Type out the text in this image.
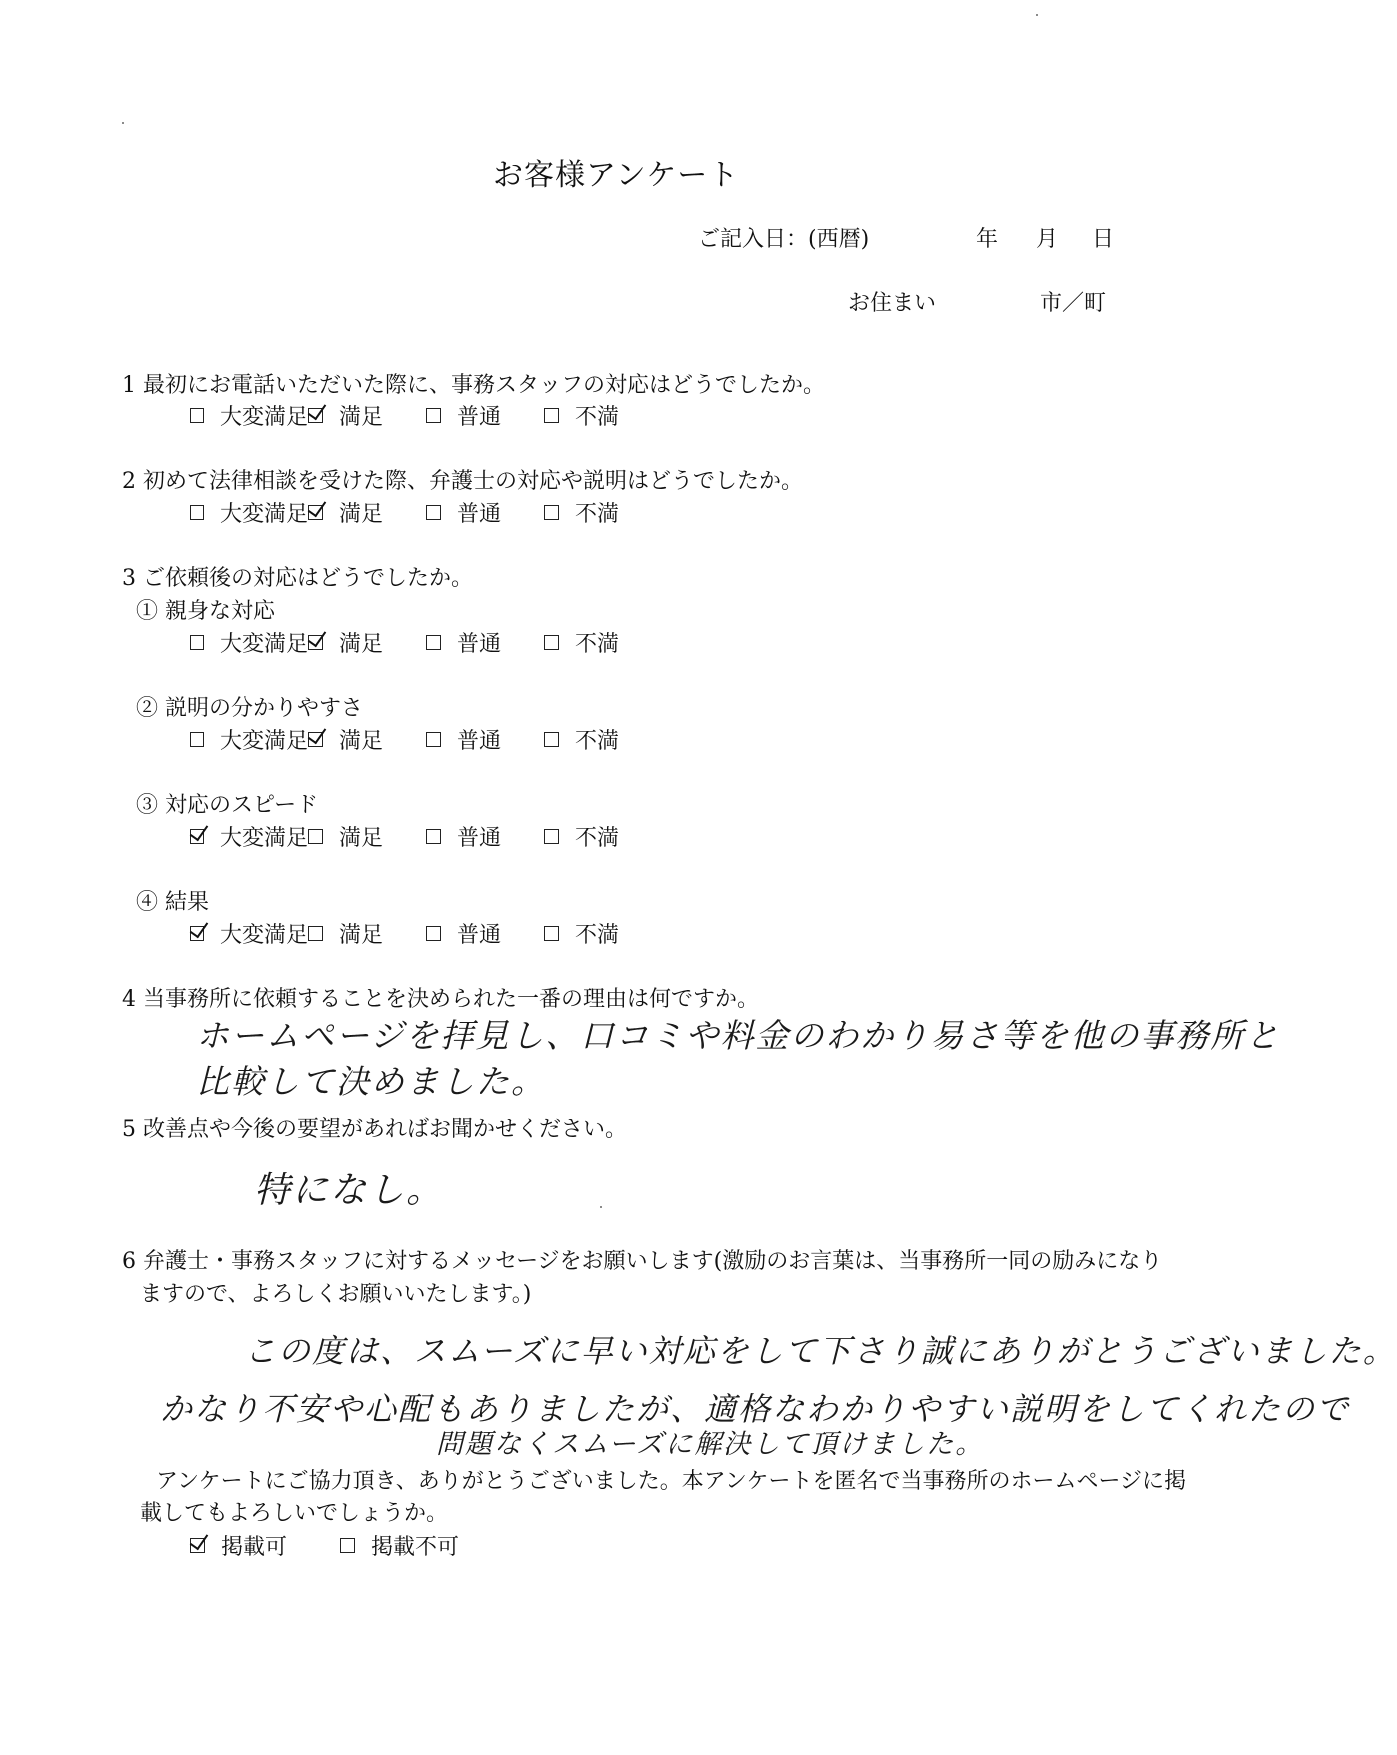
お客様アンケート
ご記入日：(西暦)	年 月 日
お住まい	市／町
1 最初にお電話いただいた際に、事務スタッフの対応はどうでしたか。
大変満足 満足	普通	不満
2 初めて法律相談を受けた際、弁護士の対応や説明はどうでしたか。
大変満足 満足	普通	不満
3 ご依頼後の対応はどうでしたか。
① 親身な対応
大変満足 満足	普通	不満
② 説明の分かりやすさ
大変満足 満足	普通	不満
③ 対応のスピード
大変満足 満足	普通	不満
④ 結果
大変満足 満足	普通	不満
4 当事務所に依頼することを決められた一番の理由は何ですか。
ホームページを拝見し、口コミや料金のわかり易さ等を他の事務所と
比較して決めました。
5 改善点や今後の要望があればお聞かせください。
特になし。
6 弁護士・事務スタッフに対するメッセージをお願いします(激励のお言葉は、当事務所一同の励みになり
ますので、よろしくお願いいたします。)
この度は、スムーズに早い対応をして下さり誠にありがとうございました。
かなり不安や心配もありましたが、適格なわかりやすい説明をしてくれたので
問題なくスムーズに解決して頂けました。
アンケートにご協力頂き、ありがとうございました。本アンケートを匿名で当事務所のホームページに掲
載してもよろしいでしょうか。
掲載可	掲載不可
